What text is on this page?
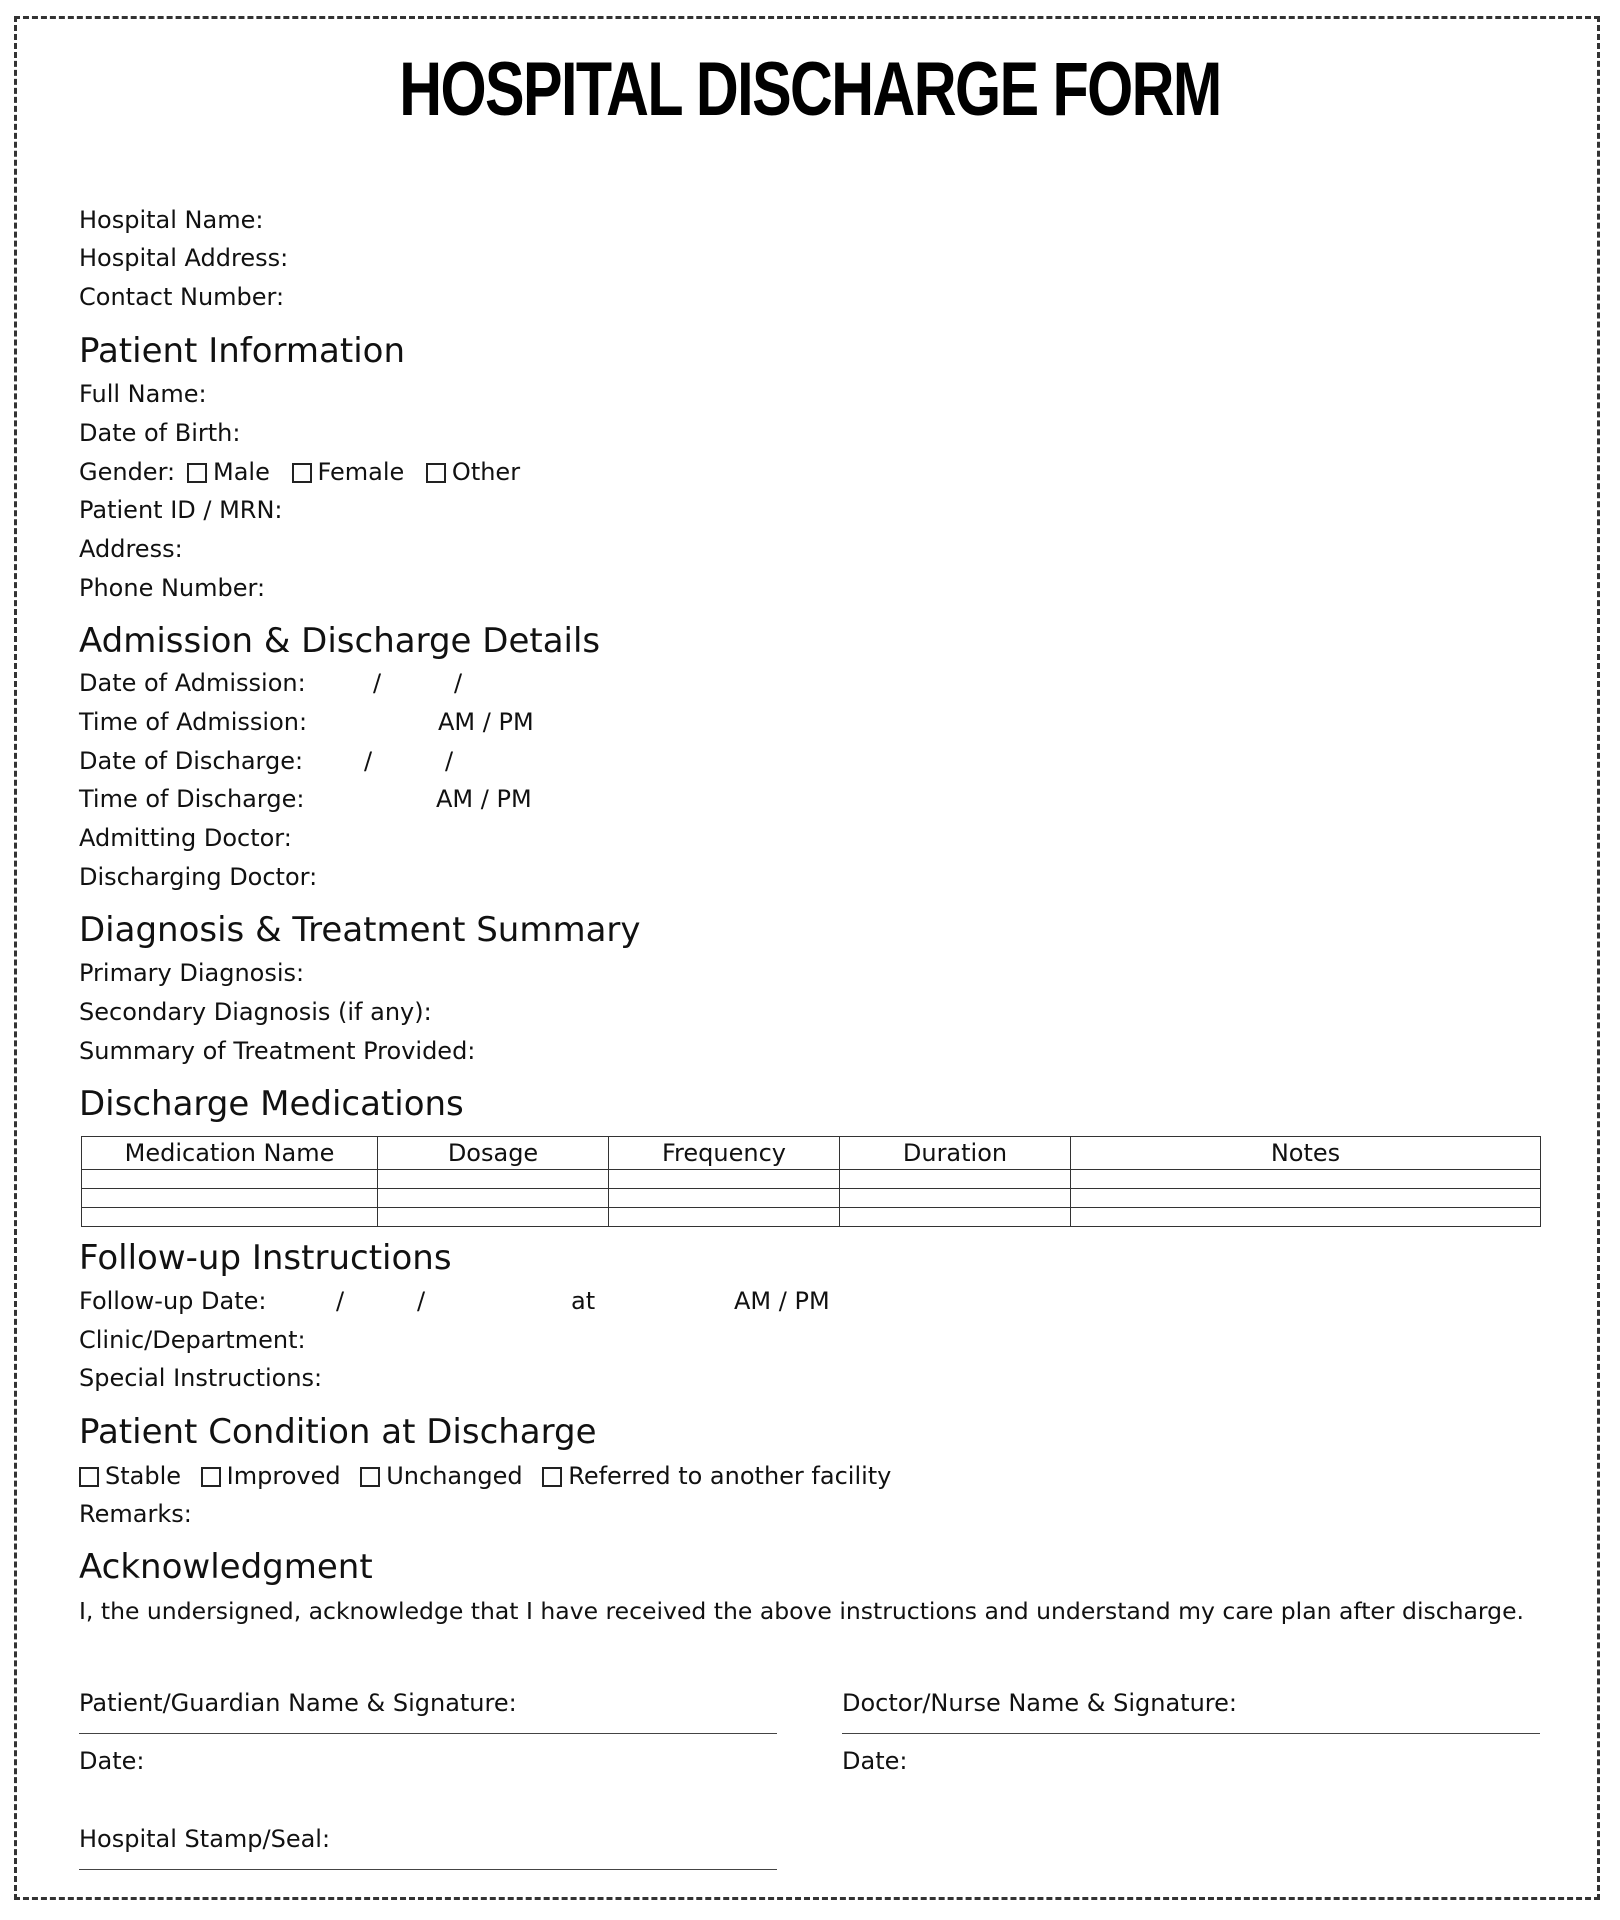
HOSPITAL DISCHARGE FORM
Hospital Name:
Hospital Address:
Contact Number:
Patient Information
Full Name:
Date of Birth:
Gender:	Male Female Other
Patient ID / MRN:
Address:
Phone Number:
Admission & Discharge Details
Date of Admission:	/	/
Time of Admission:	AM / PM
Date of Discharge:	/	/
Time of Discharge:	AM / PM
Admitting Doctor:
Discharging Doctor:
Diagnosis & Treatment Summary
Primary Diagnosis:
Secondary Diagnosis (if any):
Summary of Treatment Provided:
Discharge Medications
Medication Name	Dosage	Frequency	Duration	Notes

Follow-up Instructions
Follow-up Date:	/	/	at	AM / PM
Clinic/Department:
Special Instructions:
Patient Condition at Discharge
Stable Improved Unchanged Referred to another facility
Remarks:
Acknowledgment
I, the undersigned, acknowledge that I have received the above instructions and understand my care plan after discharge.
Patient/Guardian Name & Signature:	Doctor/Nurse Name & Signature:
Date:	Date:
Hospital Stamp/Seal:
